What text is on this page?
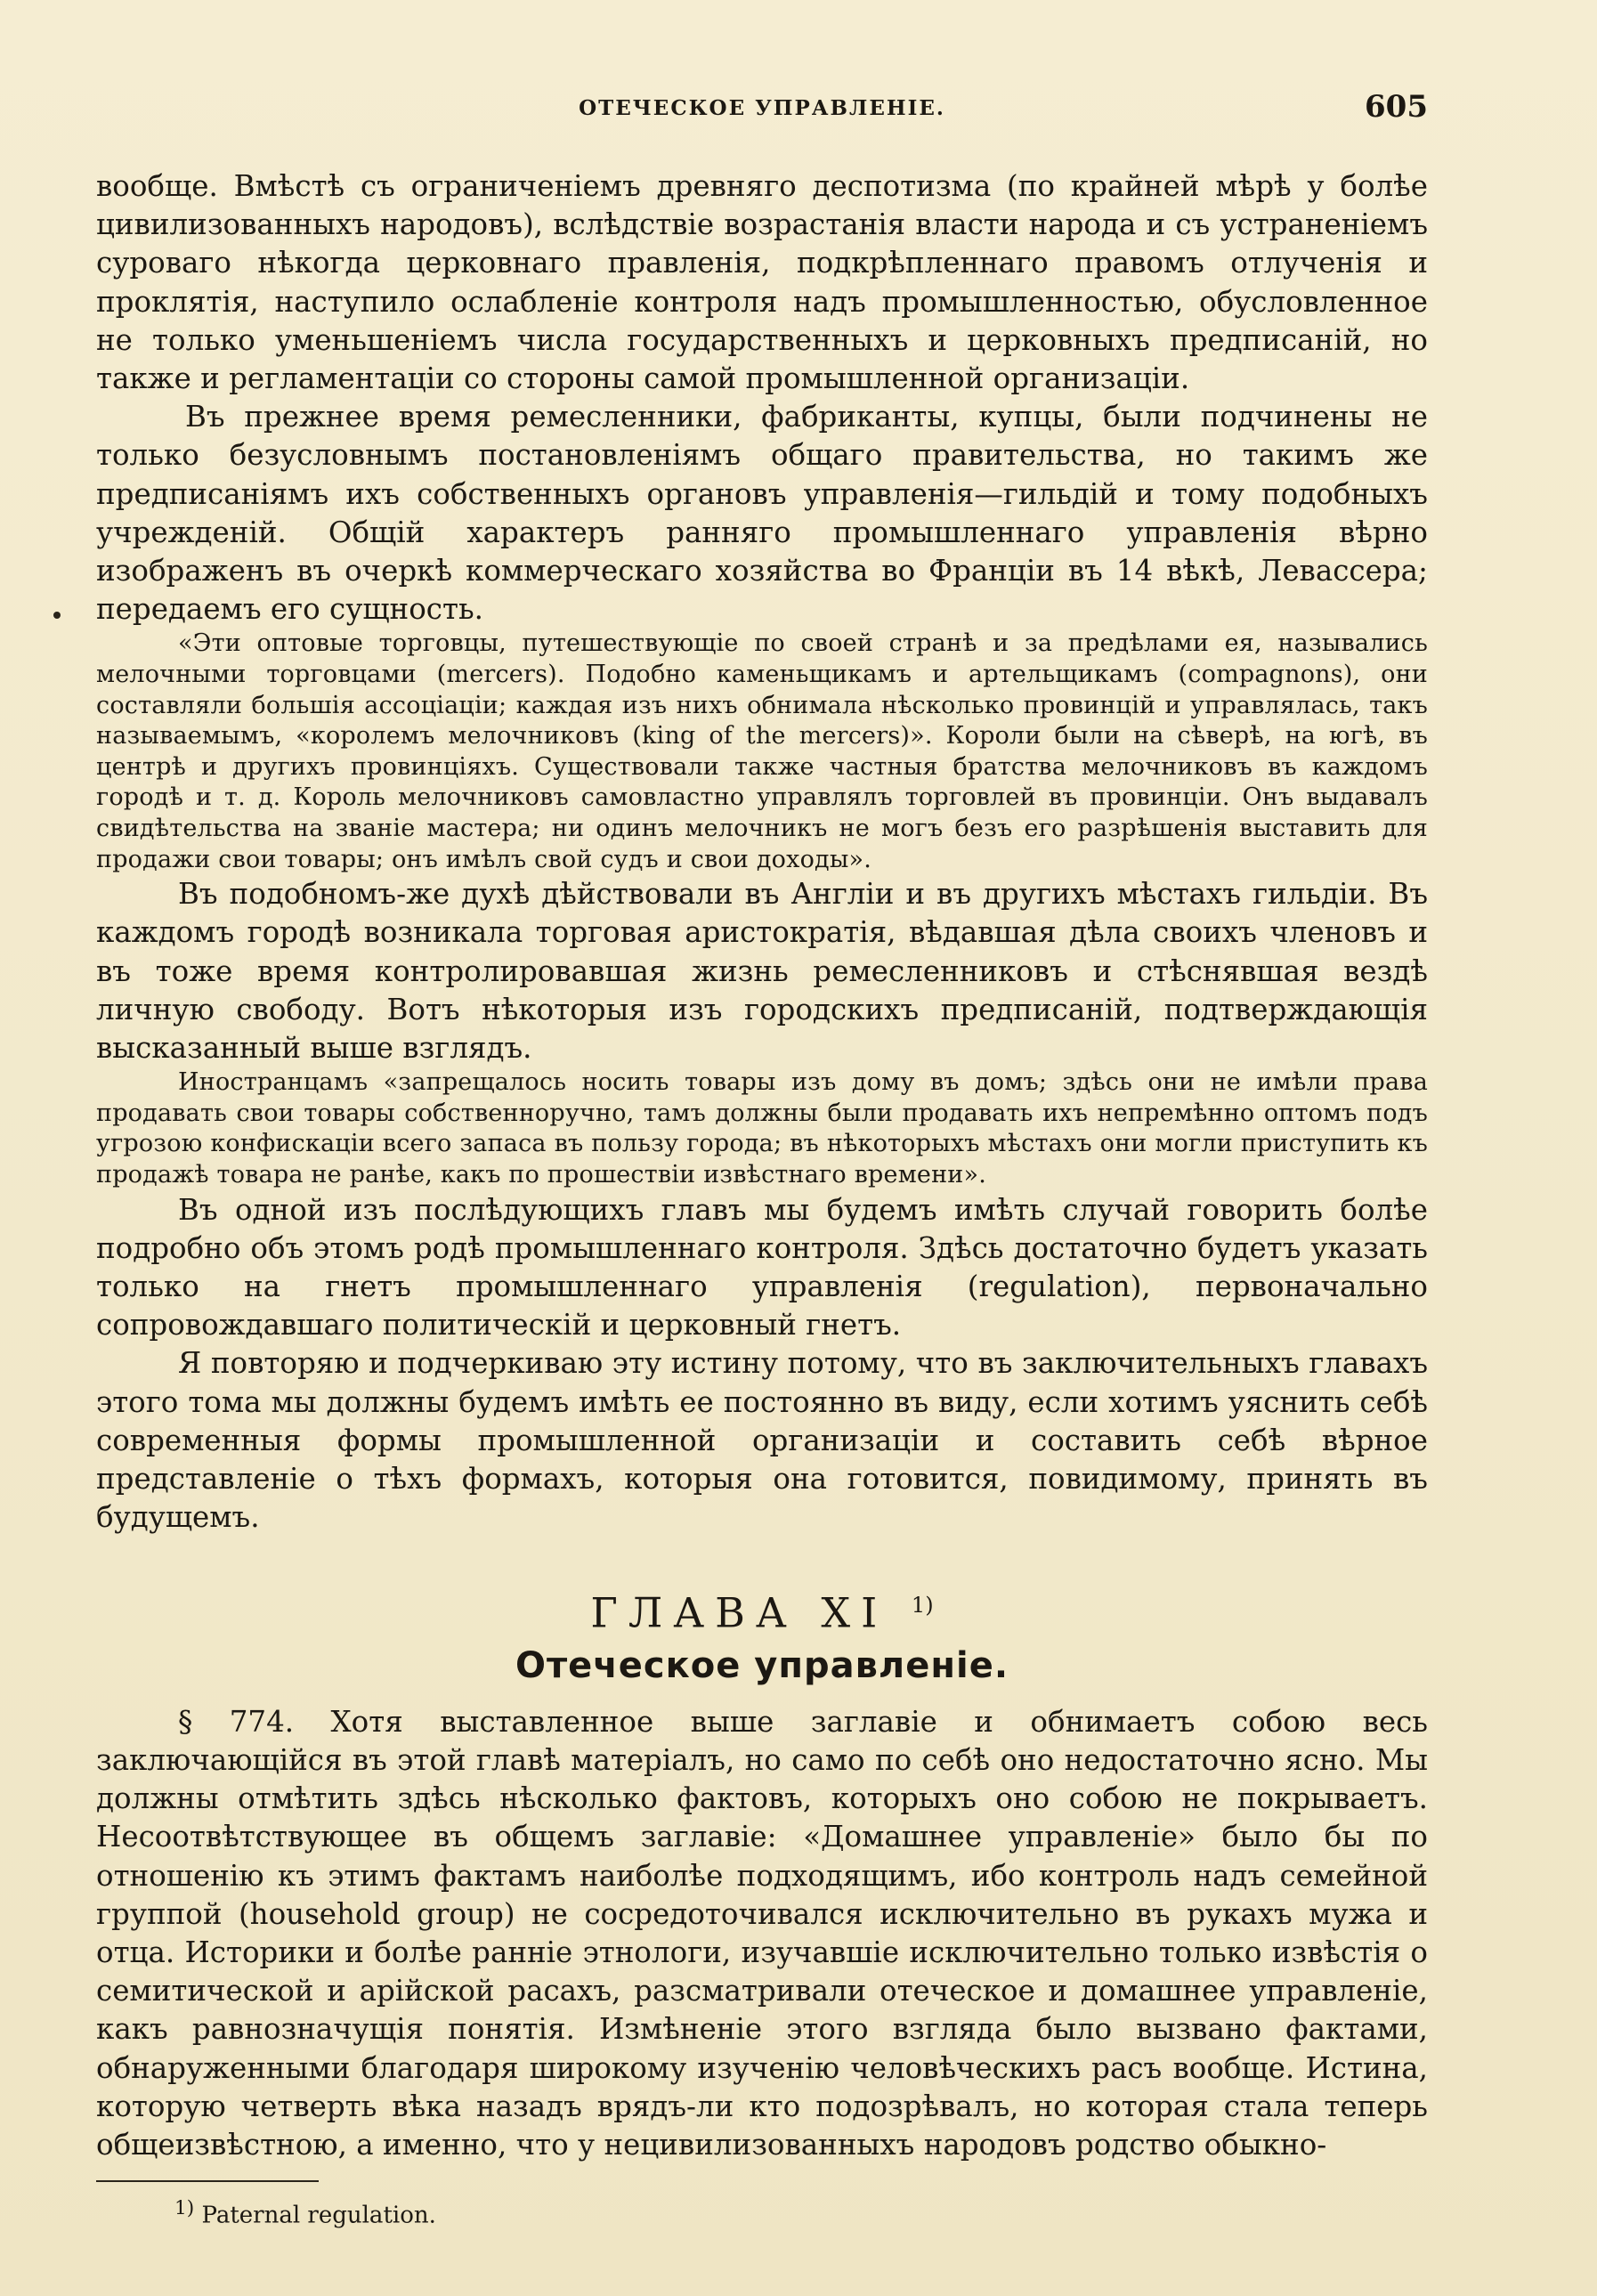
ОТЕЧЕСКОЕ УПРАВЛЕНІЕ.	605

вообще. Вмѣстѣ съ ограниченіемъ древняго деспотизма (по крайней мѣрѣ у болѣе цивилизованныхъ народовъ), вслѣдствіе возрастанія власти народа и съ устраненіемъ суроваго нѣкогда церковнаго правленія, подкрѣпленнаго правомъ отлученія и проклятія, наступило ослабленіе контроля надъ промышленностью, обусловленное не только уменьшеніемъ числа государственныхъ и церковныхъ предписаній, но также и регламентаціи со стороны самой промышленной организаціи.

Въ прежнее время ремесленники, фабриканты, купцы, были подчинены не только безусловнымъ постановленіямъ общаго правительства, но такимъ же предписаніямъ ихъ собственныхъ органовъ управленія—гильдій и тому подобныхъ учрежденій. Общій характеръ ранняго промышленнаго управленія вѣрно изображенъ въ очеркѣ коммерческаго хозяйства во Франціи въ 14 вѣкѣ, Левассера; передаемъ его сущность.

«Эти оптовые торговцы, путешествующіе по своей странѣ и за предѣлами ея, назывались мелочными торговцами (mercers). Подобно каменьщикамъ и артельщикамъ (compagnons), они составляли большія ассоціаціи; каждая изъ нихъ обнимала нѣсколько провинцій и управлялась, такъ называемымъ, «королемъ мелочниковъ (king of the mercers)». Короли были на сѣверѣ, на югѣ, въ центрѣ и другихъ провинціяхъ. Существовали также частныя братства мелочниковъ въ каждомъ городѣ и т. д. Король мелочниковъ самовластно управлялъ торговлей въ провинціи. Онъ выдавалъ свидѣтельства на званіе мастера; ни одинъ мелочникъ не могъ безъ его разрѣшенія выставить для продажи свои товары; онъ имѣлъ свой судъ и свои доходы».

Въ подобномъ-же духѣ дѣйствовали въ Англіи и въ другихъ мѣстахъ гильдіи. Въ каждомъ городѣ возникала торговая аристократія, вѣдавшая дѣла своихъ членовъ и въ тоже время контролировавшая жизнь ремесленниковъ и стѣснявшая вездѣ личную свободу. Вотъ нѣкоторыя изъ городскихъ предписаній, подтверждающія высказанный выше взглядъ.

Иностранцамъ «запрещалось носить товары изъ дому въ домъ; здѣсь они не имѣли права продавать свои товары собственноручно, тамъ должны были продавать ихъ непремѣнно оптомъ подъ угрозою конфискаціи всего запаса въ пользу города; въ нѣкоторыхъ мѣстахъ они могли приступить къ продажѣ товара не ранѣе, какъ по прошествіи извѣстнаго времени».

Въ одной изъ послѣдующихъ главъ мы будемъ имѣть случай говорить болѣе подробно объ этомъ родѣ промышленнаго контроля. Здѣсь достаточно будетъ указать только на гнетъ промышленнаго управленія (regulation), первоначально сопровождавшаго политическій и церковный гнетъ.

Я повторяю и подчеркиваю эту истину потому, что въ заключительныхъ главахъ этого тома мы должны будемъ имѣть ее постоянно въ виду, если хотимъ уяснить себѣ современныя формы промышленной организаціи и составить себѣ вѣрное представленіе о тѣхъ формахъ, которыя она готовится, повидимому, принять въ будущемъ.

ГЛАВА XI $^{1)}$
Отеческое управленіе.

§ 774. Хотя выставленное выше заглавіе и обнимаетъ собою весь заключающійся въ этой главѣ матеріалъ, но само по себѣ оно недостаточно ясно. Мы должны отмѣтить здѣсь нѣсколько фактовъ, которыхъ оно собою не покрываетъ. Несоотвѣтствующее въ общемъ заглавіе: «Домашнее управленіе» было бы по отношенію къ этимъ фактамъ наиболѣе подходящимъ, ибо контроль надъ семейной группой (household group) не сосредоточивался исключительно въ рукахъ мужа и отца. Историки и болѣе ранніе этнологи, изучавшіе исключительно только извѣстія о семитической и арійской расахъ, разсматривали отеческое и домашнее управленіе, какъ равнозначущія понятія. Измѣненіе этого взгляда было вызвано фактами, обнаруженными благодаря широкому изученію человѣческихъ расъ вообще. Истина, которую четверть вѣка назадъ врядъ-ли кто подозрѣвалъ, но которая стала теперь общеизвѣстною, а именно, что у нецивилизованныхъ народовъ родство обыкно-

$^{1)}$ Paternal regulation.
